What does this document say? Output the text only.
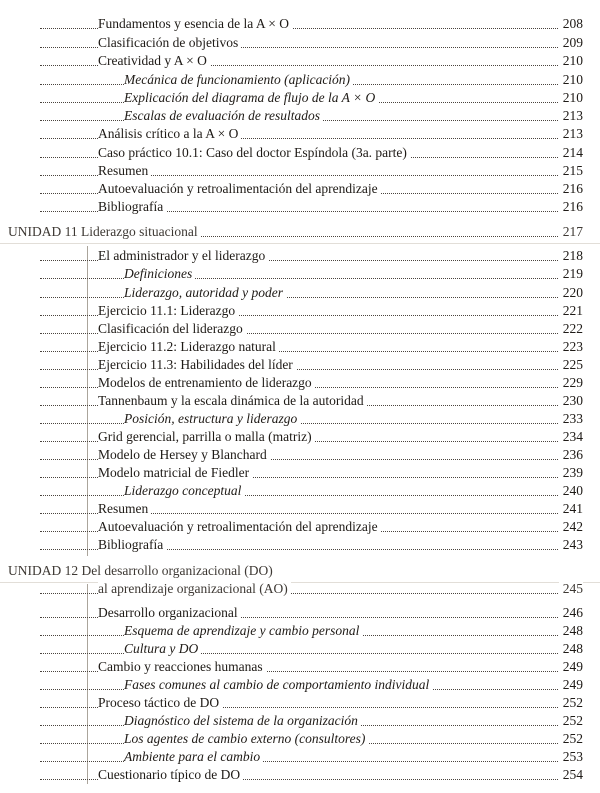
Fundamentos y esencia de la A × O	208
Clasificación de objetivos	209
Creatividad y A × O	210
Mecánica de funcionamiento (aplicación)	210
Explicación del diagrama de flujo de la A × O	210
Escalas de evaluación de resultados	213
Análisis crítico a la A × O	213
Caso práctico 10.1: Caso del doctor Espíndola (3a. parte)	214
Resumen	215
Autoevaluación y retroalimentación del aprendizaje	216
Bibliografía	216
UNIDAD 11 Liderazgo situacional	217
El administrador y el liderazgo	218
Definiciones	219
Liderazgo, autoridad y poder	220
Ejercicio 11.1: Liderazgo	221
Clasificación del liderazgo	222
Ejercicio 11.2: Liderazgo natural	223
Ejercicio 11.3: Habilidades del líder	225
Modelos de entrenamiento de liderazgo	229
Tannenbaum y la escala dinámica de la autoridad	230
Posición, estructura y liderazgo	233
Grid gerencial, parrilla o malla (matriz)	234
Modelo de Hersey y Blanchard	236
Modelo matricial de Fiedler	239
Liderazgo conceptual	240
Resumen	241
Autoevaluación y retroalimentación del aprendizaje	242
Bibliografía	243
UNIDAD 12 Del desarrollo organizacional (DO)
al aprendizaje organizacional (AO)	245
Desarrollo organizacional	246
Esquema de aprendizaje y cambio personal	248
Cultura y DO	248
Cambio y reacciones humanas	249
Fases comunes al cambio de comportamiento individual	249
Proceso táctico de DO	252
Diagnóstico del sistema de la organización	252
Los agentes de cambio externo (consultores)	252
Ambiente para el cambio	253
Cuestionario típico de DO	254
